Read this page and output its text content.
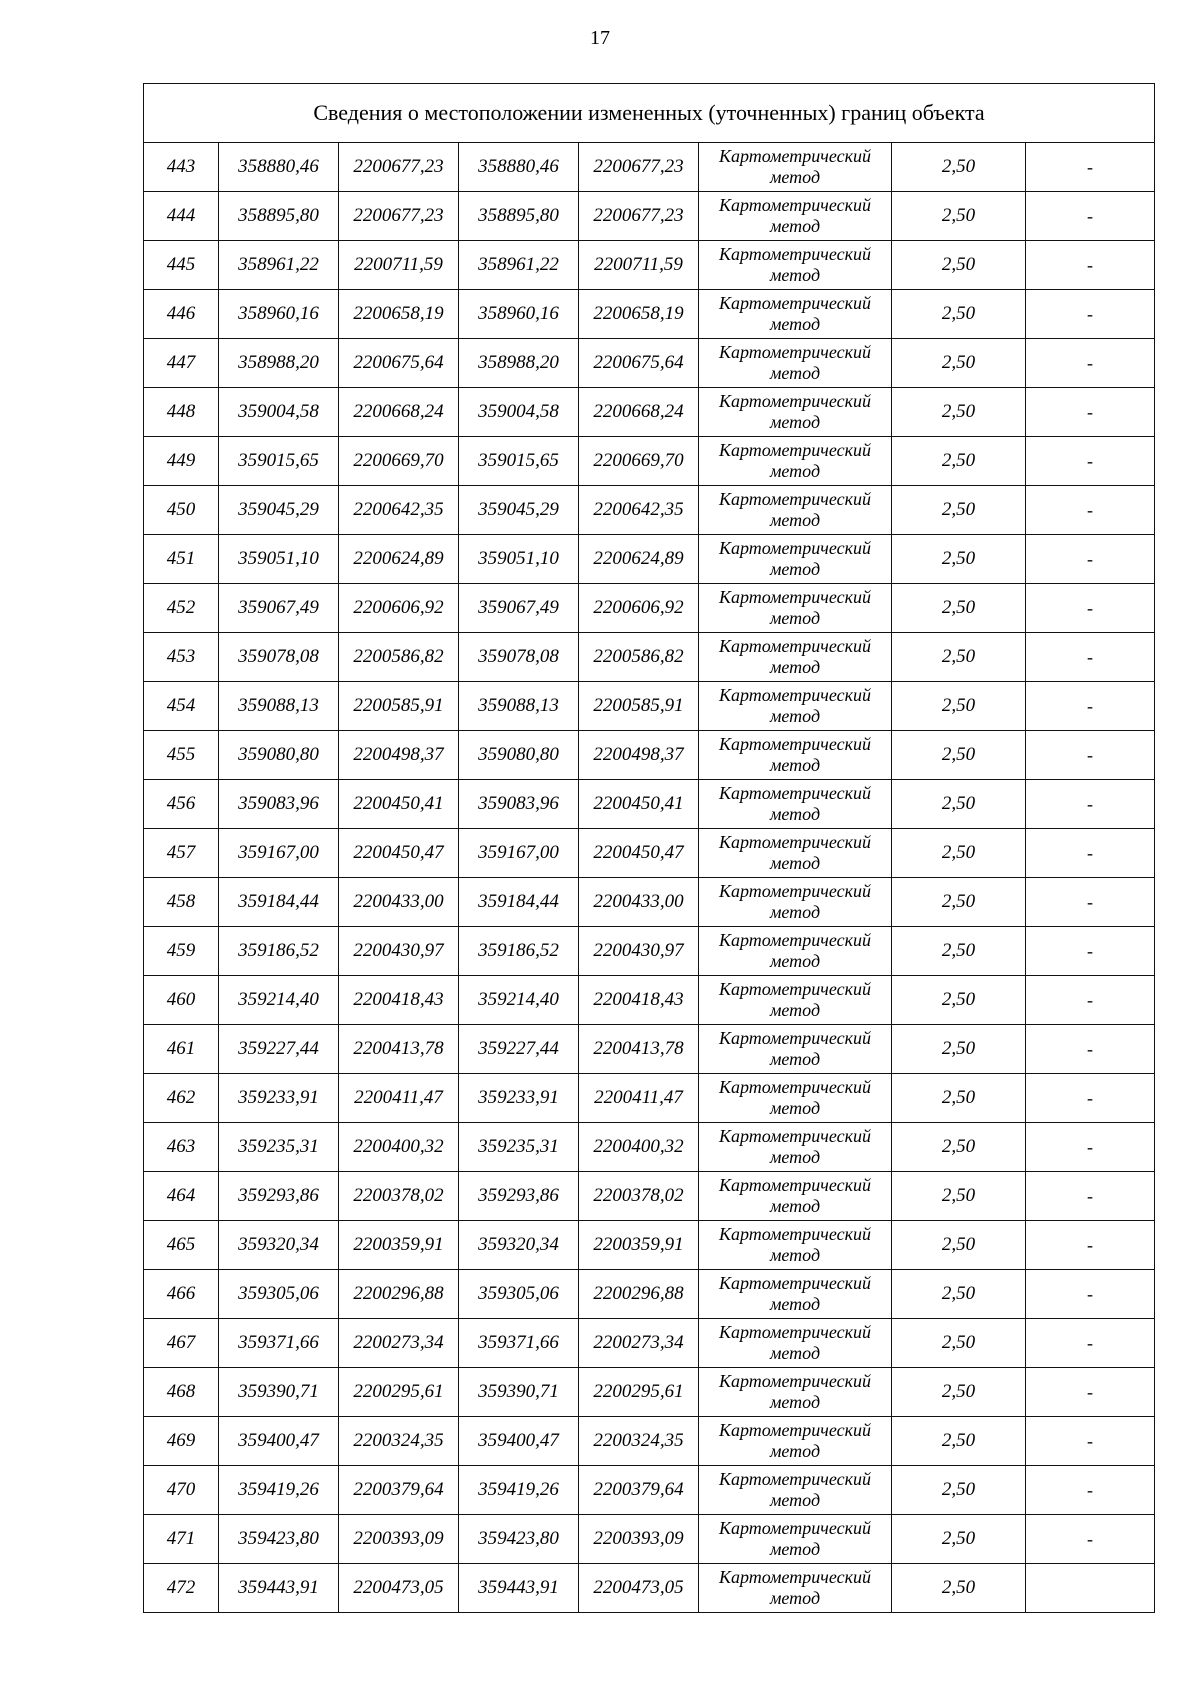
17
Сведения о местоположении измененных (уточненных) границ объекта							
443	358880,46	2200677,23	358880,46	2200677,23	Картометрический
метод	2,50	-
444	358895,80	2200677,23	358895,80	2200677,23	Картометрический
метод	2,50	-
445	358961,22	2200711,59	358961,22	2200711,59	Картометрический
метод	2,50	-
446	358960,16	2200658,19	358960,16	2200658,19	Картометрический
метод	2,50	-
447	358988,20	2200675,64	358988,20	2200675,64	Картометрический
метод	2,50	-
448	359004,58	2200668,24	359004,58	2200668,24	Картометрический
метод	2,50	-
449	359015,65	2200669,70	359015,65	2200669,70	Картометрический
метод	2,50	-
450	359045,29	2200642,35	359045,29	2200642,35	Картометрический
метод	2,50	-
451	359051,10	2200624,89	359051,10	2200624,89	Картометрический
метод	2,50	-
452	359067,49	2200606,92	359067,49	2200606,92	Картометрический
метод	2,50	-
453	359078,08	2200586,82	359078,08	2200586,82	Картометрический
метод	2,50	-
454	359088,13	2200585,91	359088,13	2200585,91	Картометрический
метод	2,50	-
455	359080,80	2200498,37	359080,80	2200498,37	Картометрический
метод	2,50	-
456	359083,96	2200450,41	359083,96	2200450,41	Картометрический
метод	2,50	-
457	359167,00	2200450,47	359167,00	2200450,47	Картометрический
метод	2,50	-
458	359184,44	2200433,00	359184,44	2200433,00	Картометрический
метод	2,50	-
459	359186,52	2200430,97	359186,52	2200430,97	Картометрический
метод	2,50	-
460	359214,40	2200418,43	359214,40	2200418,43	Картометрический
метод	2,50	-
461	359227,44	2200413,78	359227,44	2200413,78	Картометрический
метод	2,50	-
462	359233,91	2200411,47	359233,91	2200411,47	Картометрический
метод	2,50	-
463	359235,31	2200400,32	359235,31	2200400,32	Картометрический
метод	2,50	-
464	359293,86	2200378,02	359293,86	2200378,02	Картометрический
метод	2,50	-
465	359320,34	2200359,91	359320,34	2200359,91	Картометрический
метод	2,50	-
466	359305,06	2200296,88	359305,06	2200296,88	Картометрический
метод	2,50	-
467	359371,66	2200273,34	359371,66	2200273,34	Картометрический
метод	2,50	-
468	359390,71	2200295,61	359390,71	2200295,61	Картометрический
метод	2,50	-
469	359400,47	2200324,35	359400,47	2200324,35	Картометрический
метод	2,50	-
470	359419,26	2200379,64	359419,26	2200379,64	Картометрический
метод	2,50	-
471	359423,80	2200393,09	359423,80	2200393,09	Картометрический
метод	2,50	-
472	359443,91	2200473,05	359443,91	2200473,05	Картометрический
метод	2,50	
